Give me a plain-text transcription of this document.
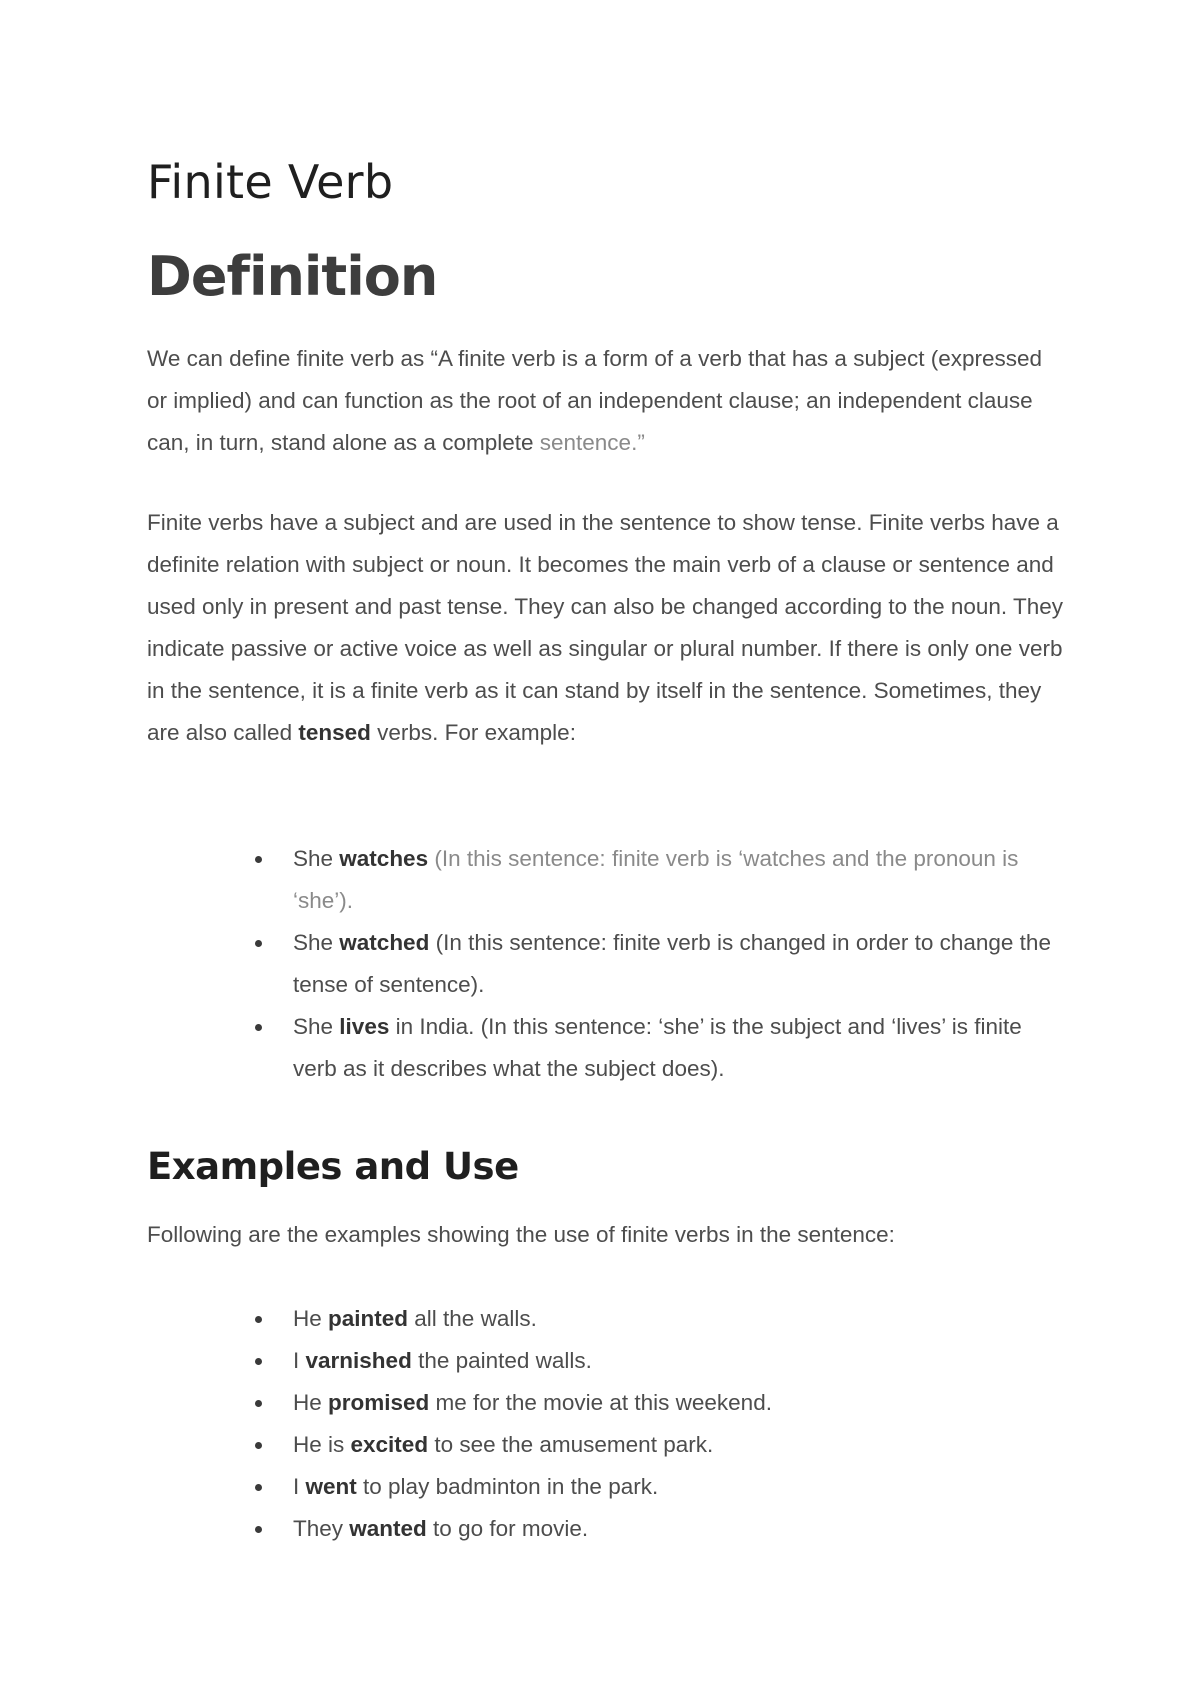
Finite Verb
Definition

We can define finite verb as “A finite verb is a form of a verb that has a subject (expressed or implied) and can function as the root of an independent clause; an independent clause can, in turn, stand alone as a complete sentence.”

Finite verbs have a subject and are used in the sentence to show tense. Finite verbs have a definite relation with subject or noun. It becomes the main verb of a clause or sentence and used only in present and past tense. They can also be changed according to the noun. They indicate passive or active voice as well as singular or plural number. If there is only one verb in the sentence, it is a finite verb as it can stand by itself in the sentence. Sometimes, they are also called tensed verbs. For example:

She watches (In this sentence: finite verb is ‘watches and the pronoun is ‘she’).
She watched (In this sentence: finite verb is changed in order to change the tense of sentence).
She lives in India. (In this sentence: ‘she’ is the subject and ‘lives’ is finite verb as it describes what the subject does).
Examples and Use

Following are the examples showing the use of finite verbs in the sentence:

He painted all the walls.
I varnished the painted walls.
He promised me for the movie at this weekend.
He is excited to see the amusement park.
I went to play badminton in the park.
They wanted to go for movie.
